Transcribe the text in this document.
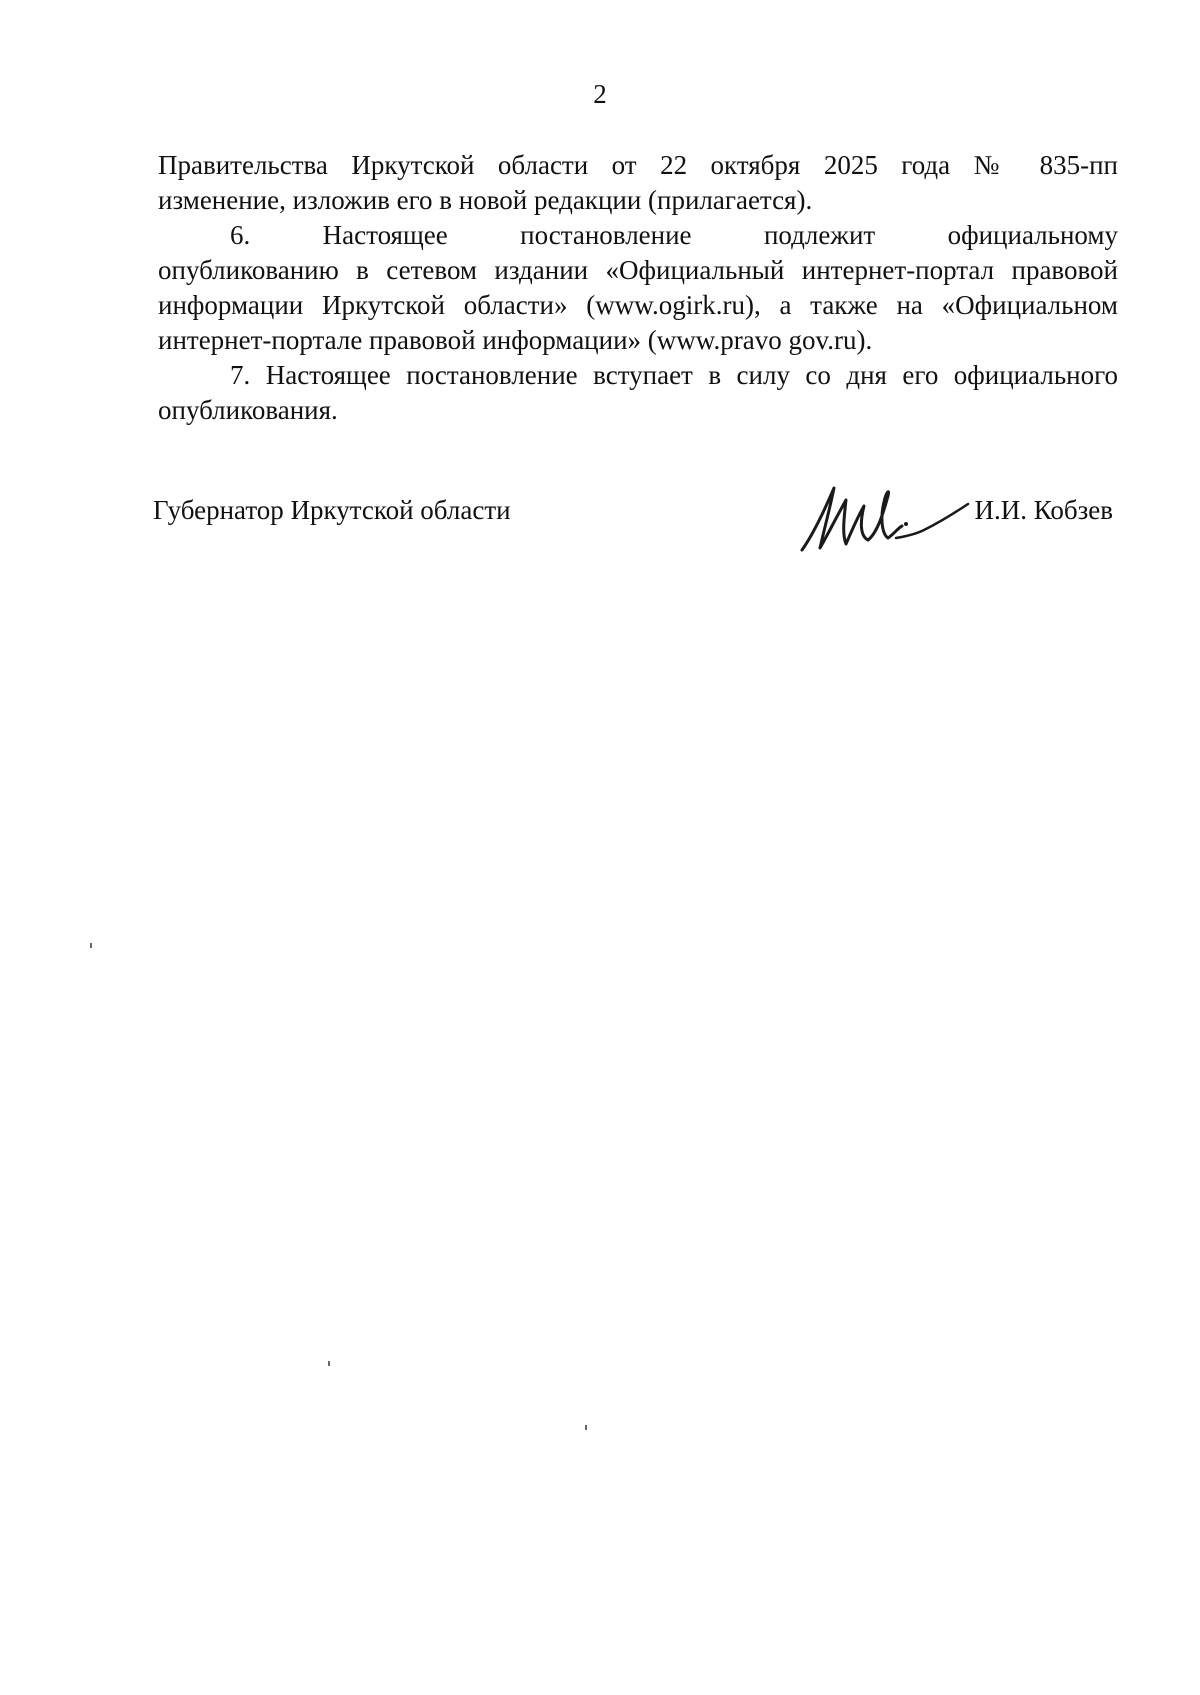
2

Правительства Иркутской области от 22 октября 2025 года № 835-пп
изменение, изложив его в новой редакции (прилагается).

6. Настоящее постановление подлежит официальному
опубликованию в сетевом издании «Официальный интернет-портал правовой
информации Иркутской области» (www.ogirk.ru), а также на «Официальном
интернет-портале правовой информации» (www.pravo gov.ru).

7. Настоящее постановление вступает в силу со дня его официального
опубликования.

Губернатор Иркутской области	И.И. Кобзев
